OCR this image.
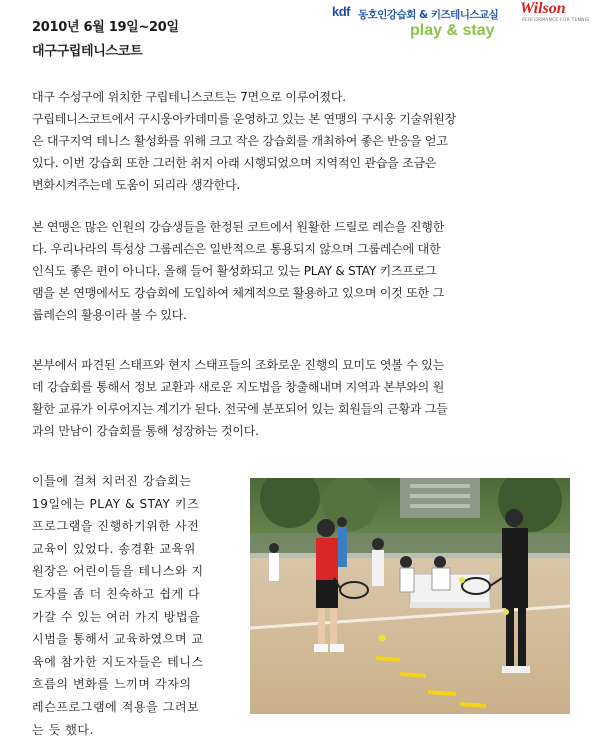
2010년 6월 19일~20일
대구구립테니스코트
kdf 동호인강습회 & 키즈테니스교실 Wilson
PERFORMANCE FOR TENNIS
play & stay
대구 수성구에 위치한 구립테니스코트는 7면으로 이루어졌다.
구립테니스코트에서 구시웅아카데미를 운영하고 있는 본 연맹의 구시웅 기술위원장
은 대구지역 테니스 활성화를 위해 크고 작은 강습회를 개최하여 좋은 반응을 얻고
있다. 이번 강습회 또한 그러한 취지 아래 시행되었으며 지역적인 관습을 조금은
변화시켜주는데 도움이 되리라 생각한다.
본 연맹은 많은 인원의 강습생들을 한정된 코트에서 원활한 드릴로 레슨을 진행한
다. 우리나라의 특성상 그룹레슨은 일반적으로 통용되지 않으며 그룹레슨에 대한
인식도 좋은 편이 아니다. 올해 들어 활성화되고 있는 PLAY & STAY 키즈프로그
램을 본 연맹에서도 강습회에 도입하여 체계적으로 활용하고 있으며 이것 또한 그
룹레슨의 활용이라 볼 수 있다.
본부에서 파견된 스태프와 현지 스태프들의 조화로운 진행의 묘미도 엿볼 수 있는
데 강습회를 통해서 정보 교환과 새로운 지도법을 창출해내며 지역과 본부와의 원
활한 교류가 이루어지는 계기가 된다. 전국에 분포되어 있는 회원들의 근황과 그들
과의 만남이 강습회를 통해 성장하는 것이다.
이틀에 걸쳐 치러진 강습회는
19일에는 PLAY & STAY 키즈
프로그램을 진행하기위한 사전
교육이 있었다. 송경환 교육위
원장은 어린이들을 테니스와 지
도자를 좀 더 친숙하고 쉽게 다
가갈 수 있는 여러 가지 방법을
시범을 통해서 교육하였으며 교
육에 참가한 지도자들은 테니스
흐름의 변화를 느끼며 각자의
레슨프로그램에 적용을 그려보
는 듯 했다.
